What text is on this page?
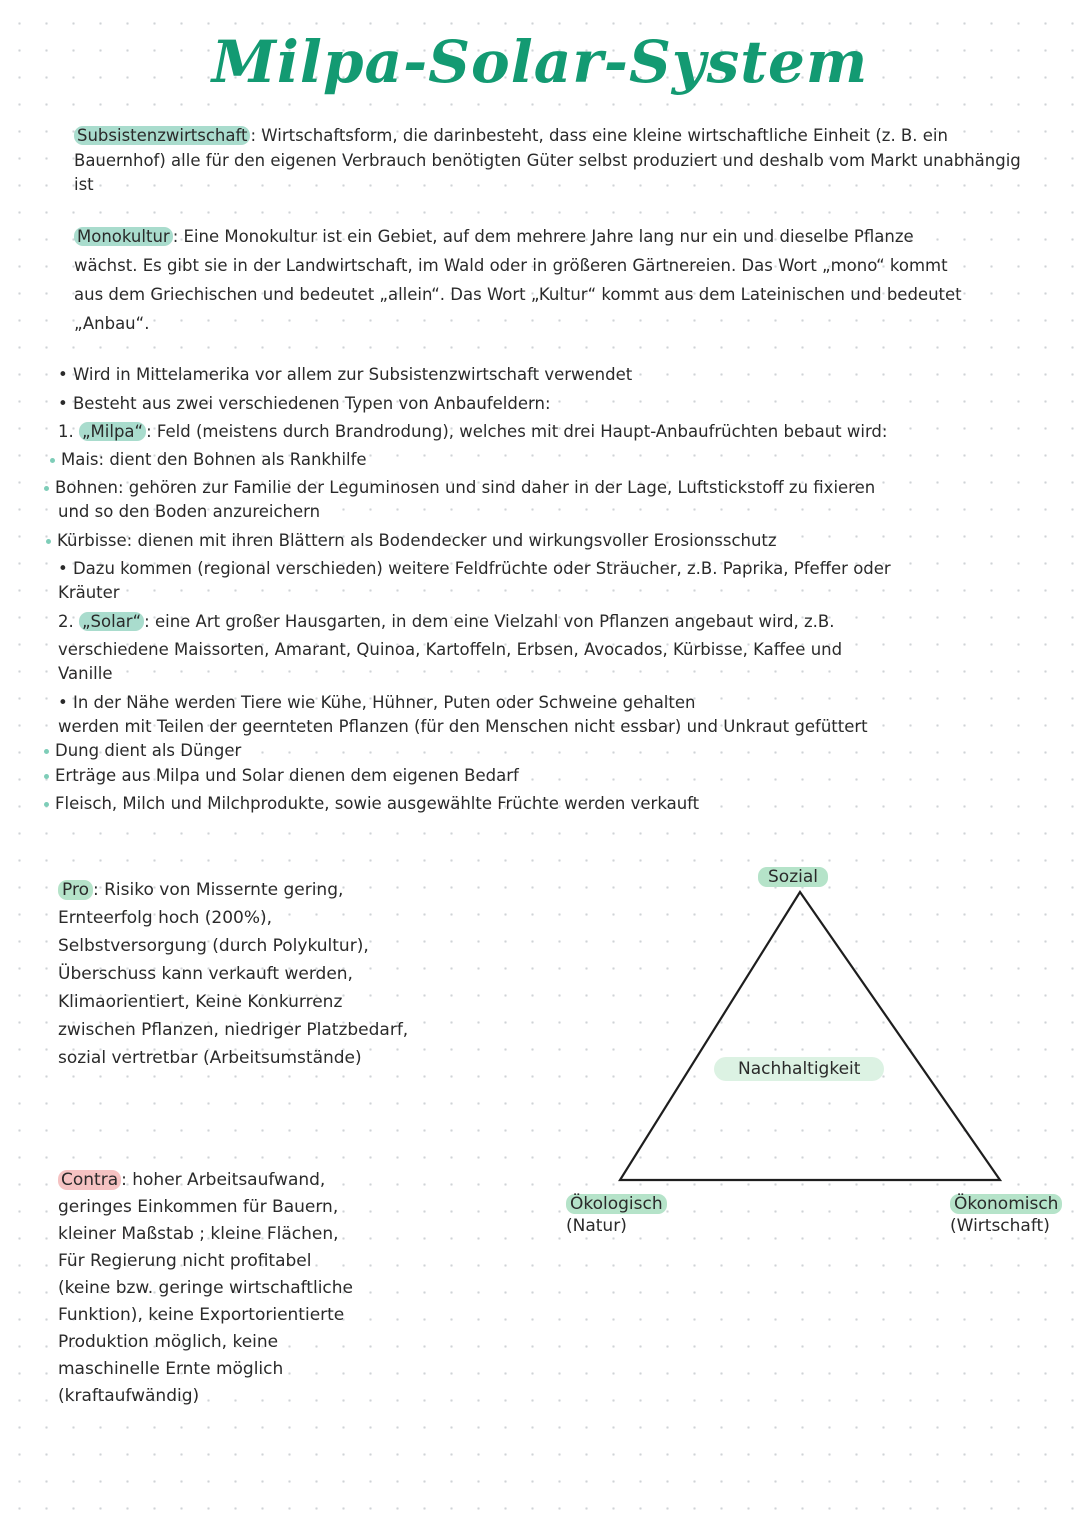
Milpa-Solar-System
Subsistenzwirtschaft : Wirtschaftsform, die darinbesteht, dass eine kleine wirtschaftliche Einheit (z. B. ein Bauernhof) alle für den eigenen Verbrauch benötigten Güter selbst produziert und deshalb vom Markt unabhängig ist
Monokultur : Eine Monokultur ist ein Gebiet, auf dem mehrere Jahre lang nur ein und dieselbe Pflanze wächst. Es gibt sie in der Landwirtschaft, im Wald oder in größeren Gärtnereien. Das Wort „mono“ kommt aus dem Griechischen und bedeutet „allein“. Das Wort „Kultur“ kommt aus dem Lateinischen und bedeutet „Anbau“.
• Wird in Mittelamerika vor allem zur Subsistenzwirtschaft verwendet
• Besteht aus zwei verschiedenen Typen von Anbaufeldern:
1. „Milpa“ : Feld (meistens durch Brandrodung), welches mit drei Haupt-Anbaufrüchten bebaut wird:
Mais: dient den Bohnen als Rankhilfe
Bohnen: gehören zur Familie der Leguminosen und sind daher in der Lage, Luftstickstoff zu fixieren
und so den Boden anzureichern
Kürbisse: dienen mit ihren Blättern als Bodendecker und wirkungsvoller Erosionsschutz
• Dazu kommen (regional verschieden) weitere Feldfrüchte oder Sträucher, z.B. Paprika, Pfeffer oder
Kräuter
2. „Solar“ : eine Art großer Hausgarten, in dem eine Vielzahl von Pflanzen angebaut wird, z.B.
verschiedene Maissorten, Amarant, Quinoa, Kartoffeln, Erbsen, Avocados, Kürbisse, Kaffee und
Vanille
• In der Nähe werden Tiere wie Kühe, Hühner, Puten oder Schweine gehalten
werden mit Teilen der geernteten Pflanzen (für den Menschen nicht essbar) und Unkraut gefüttert
Dung dient als Dünger
Erträge aus Milpa und Solar dienen dem eigenen Bedarf
Fleisch, Milch und Milchprodukte, sowie ausgewählte Früchte werden verkauft
Pro : Risiko von Missernte gering, Ernteerfolg hoch (200%), Selbstversorgung (durch Polykultur), Überschuss kann verkauft werden, Klimaorientiert, Keine Konkurrenz zwischen Pflanzen, niedriger Platzbedarf, sozial vertretbar (Arbeitsumstände)
Contra : hoher Arbeitsaufwand, geringes Einkommen für Bauern, kleiner Maßstab ; kleine Flächen, Für Regierung nicht profitabel (keine bzw. geringe wirtschaftliche Funktion), keine Exportorientierte Produktion möglich, keine maschinelle Ernte möglich (kraftaufwändig)
Sozial
Nachhaltigkeit
Ökologisch
(Natur)
Ökonomisch
(Wirtschaft)
